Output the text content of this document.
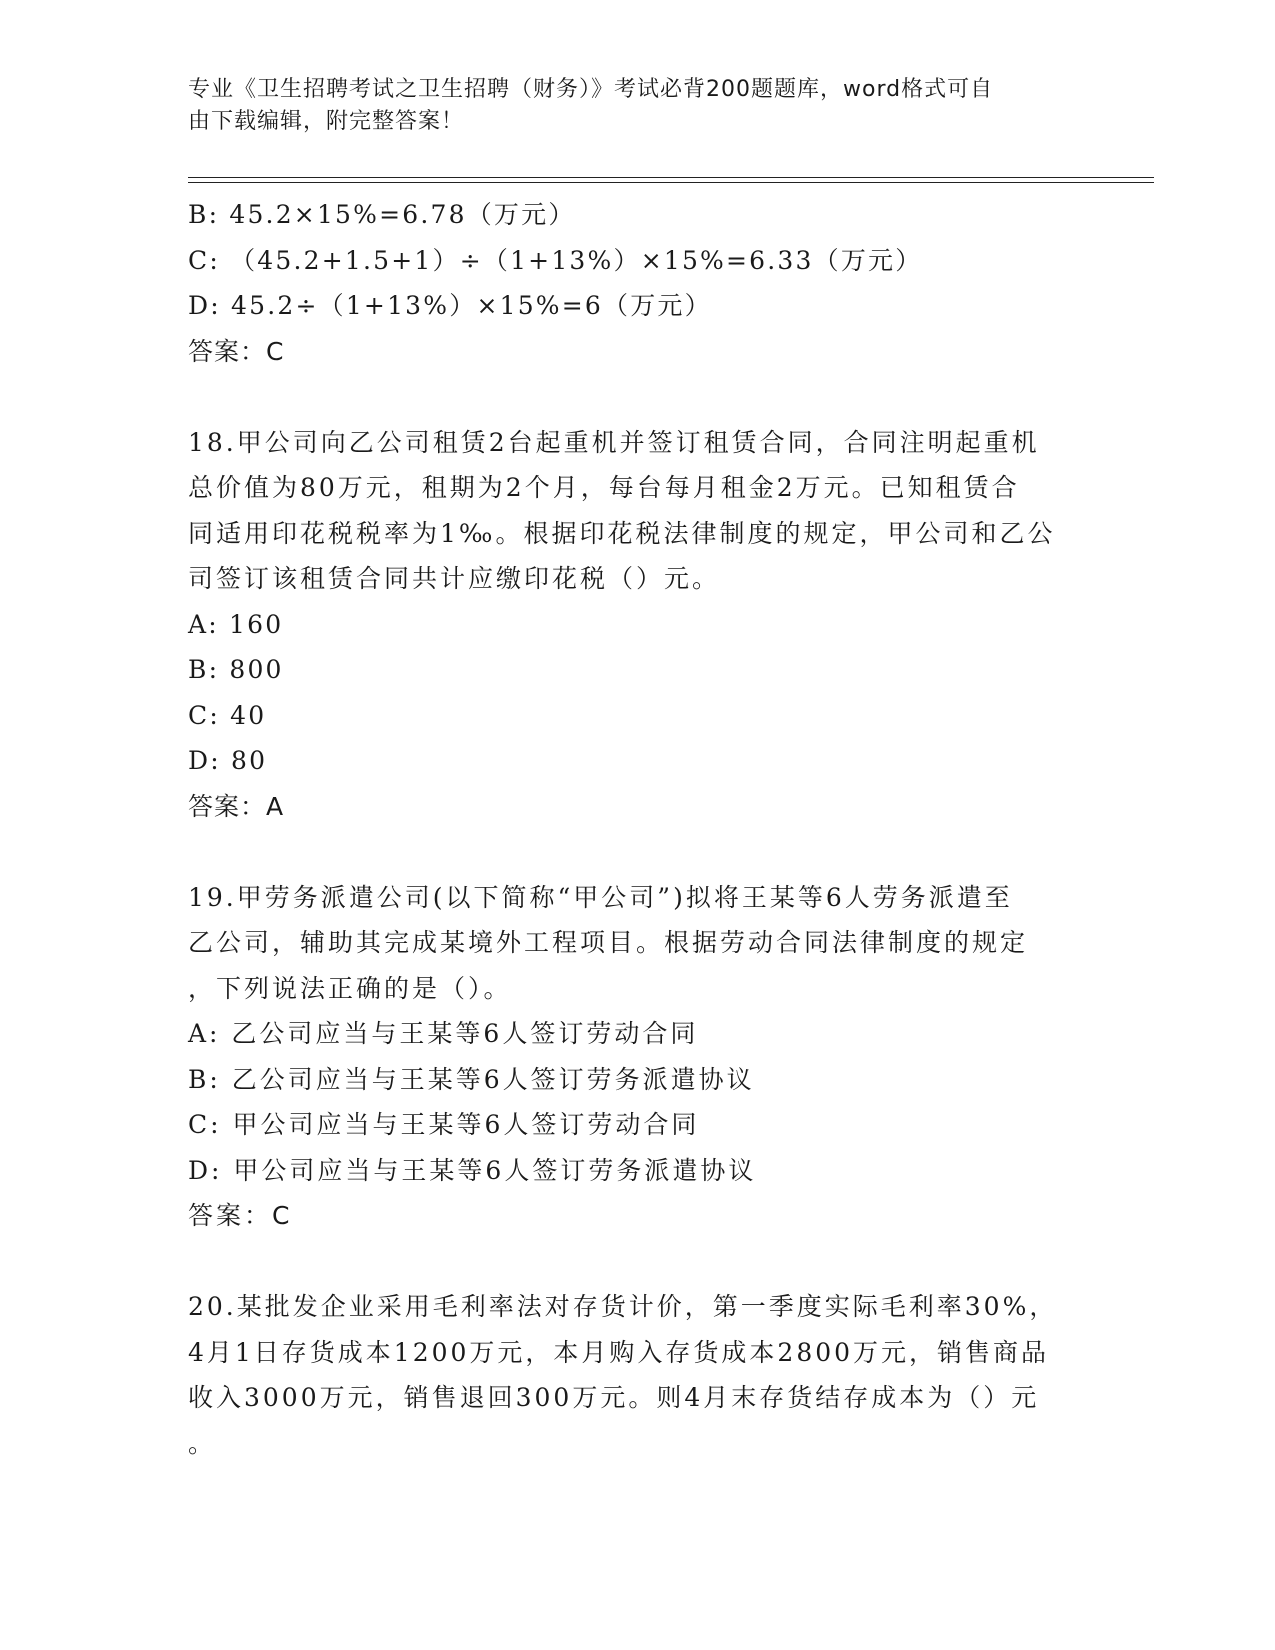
专业《卫生招聘考试之卫生招聘（财务）》考试必背200题题库，word格式可自
由下载编辑，附完整答案！
B: 45.2×15%=6.78（万元）
C: （45.2+1.5+1）÷（1+13%）×15%=6.33（万元）
D: 45.2÷（1+13%）×15%=6（万元）
答案：C
18.甲公司向乙公司租赁2台起重机并签订租赁合同，合同注明起重机
总价值为80万元，租期为2个月，每台每月租金2万元。已知租赁合
同适用印花税税率为1‰。根据印花税法律制度的规定，甲公司和乙公
司签订该租赁合同共计应缴印花税（）元。
A: 160
B: 800
C: 40
D: 80
答案：A
19.甲劳务派遣公司(以下简称“甲公司”)拟将王某等6人劳务派遣至
乙公司，辅助其完成某境外工程项目。根据劳动合同法律制度的规定
，下列说法正确的是（）。
A: 乙公司应当与王某等6人签订劳动合同
B: 乙公司应当与王某等6人签订劳务派遣协议
C: 甲公司应当与王某等6人签订劳动合同
D: 甲公司应当与王某等6人签订劳务派遣协议
答案：C
20.某批发企业采用毛利率法对存货计价，第一季度实际毛利率30%，
4月1日存货成本1200万元，本月购入存货成本2800万元，销售商品
收入3000万元，销售退回300万元。则4月末存货结存成本为（）元
。
